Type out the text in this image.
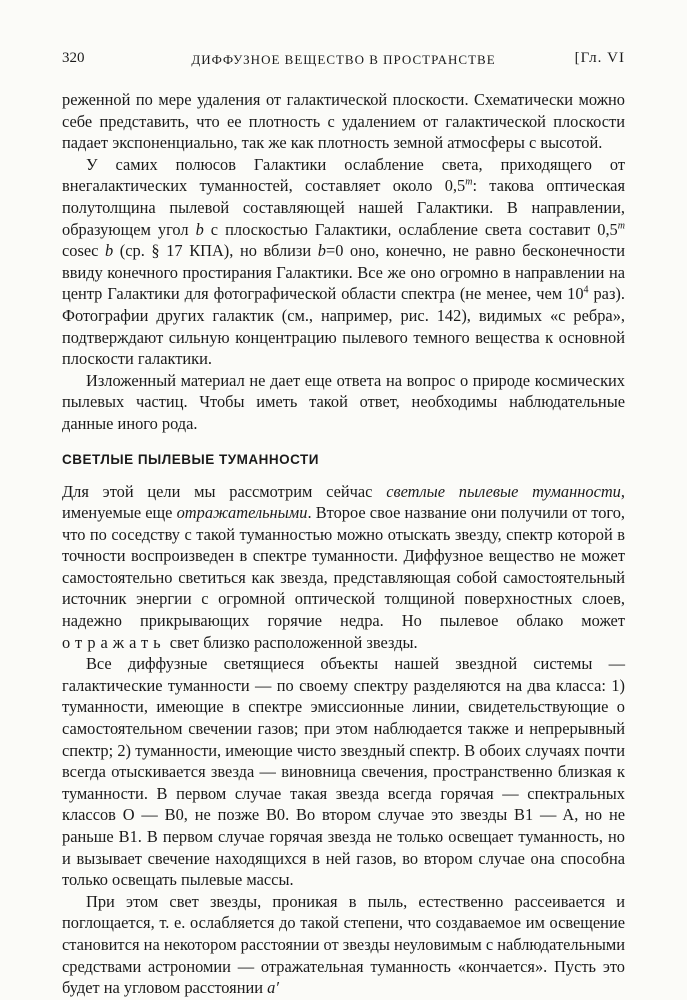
320	ДИФФУЗНОЕ ВЕЩЕСТВО В ПРОСТРАНСТВЕ	[Гл. VI

реженной по мере удаления от галактической плоскости. Схематически можно себе представить, что ее плотность с удалением от галактической плоскости падает экспоненциально, так же как плотность земной атмосферы с высотой.

У самих полюсов Галактики ослабление света, приходящего от внегалактических туманностей, составляет около 0,5$^m$: такова оптическая полутолщина пылевой составляющей нашей Галактики. В направлении, образующем угол b с плоскостью Галактики, ослабление света составит 0,5$^m$ cosec b (ср. § 17 КПА), но вблизи b=0 оно, конечно, не равно бесконечности ввиду конечного простирания Галактики. Все же оно огромно в направлении на центр Галактики для фотографической области спектра (не менее, чем $10^4$ раз). Фотографии других галактик (см., например, рис. 142), видимых «с ребра», подтверждают сильную концентрацию пылевого темного вещества к основной плоскости галактики.

Изложенный материал не дает еще ответа на вопрос о природе космических пылевых частиц. Чтобы иметь такой ответ, необходимы наблюдательные данные иного рода.

СВЕТЛЫЕ ПЫЛЕВЫЕ ТУМАННОСТИ

Для этой цели мы рассмотрим сейчас светлые пылевые туманности, именуемые еще отражательными. Второе свое название они получили от того, что по соседству с такой туманностью можно отыскать звезду, спектр которой в точности воспроизведен в спектре туманности. Диффузное вещество не может самостоятельно светиться как звезда, представляющая собой самостоятельный источник энергии с огромной оптической толщиной поверхностных слоев, надежно прикрывающих горячие недра. Но пылевое облако может отражать свет близко расположенной звезды.

Все диффузные светящиеся объекты нашей звездной системы — галактические туманности — по своему спектру разделяются на два класса: 1) туманности, имеющие в спектре эмиссионные линии, свидетельствующие о самостоятельном свечении газов; при этом наблюдается также и непрерывный спектр; 2) туманности, имеющие чисто звездный спектр. В обоих случаях почти всегда отыскивается звезда — виновница свечения, пространственно близкая к туманности. В первом случае такая звезда всегда горячая — спектральных классов O — B0, не позже B0. Во втором случае это звезды B1 — A, но не раньше B1. В первом случае горячая звезда не только освещает туманность, но и вызывает свечение находящихся в ней газов, во втором случае она способна только освещать пылевые массы.

При этом свет звезды, проникая в пыль, естественно рассеивается и поглощается, т. е. ослабляется до такой степени, что создаваемое им освещение становится на некотором расстоянии от звезды неуловимым с наблюдательными средствами астрономии — отражательная туманность «кончается». Пусть это будет на угловом расстоянии a′
